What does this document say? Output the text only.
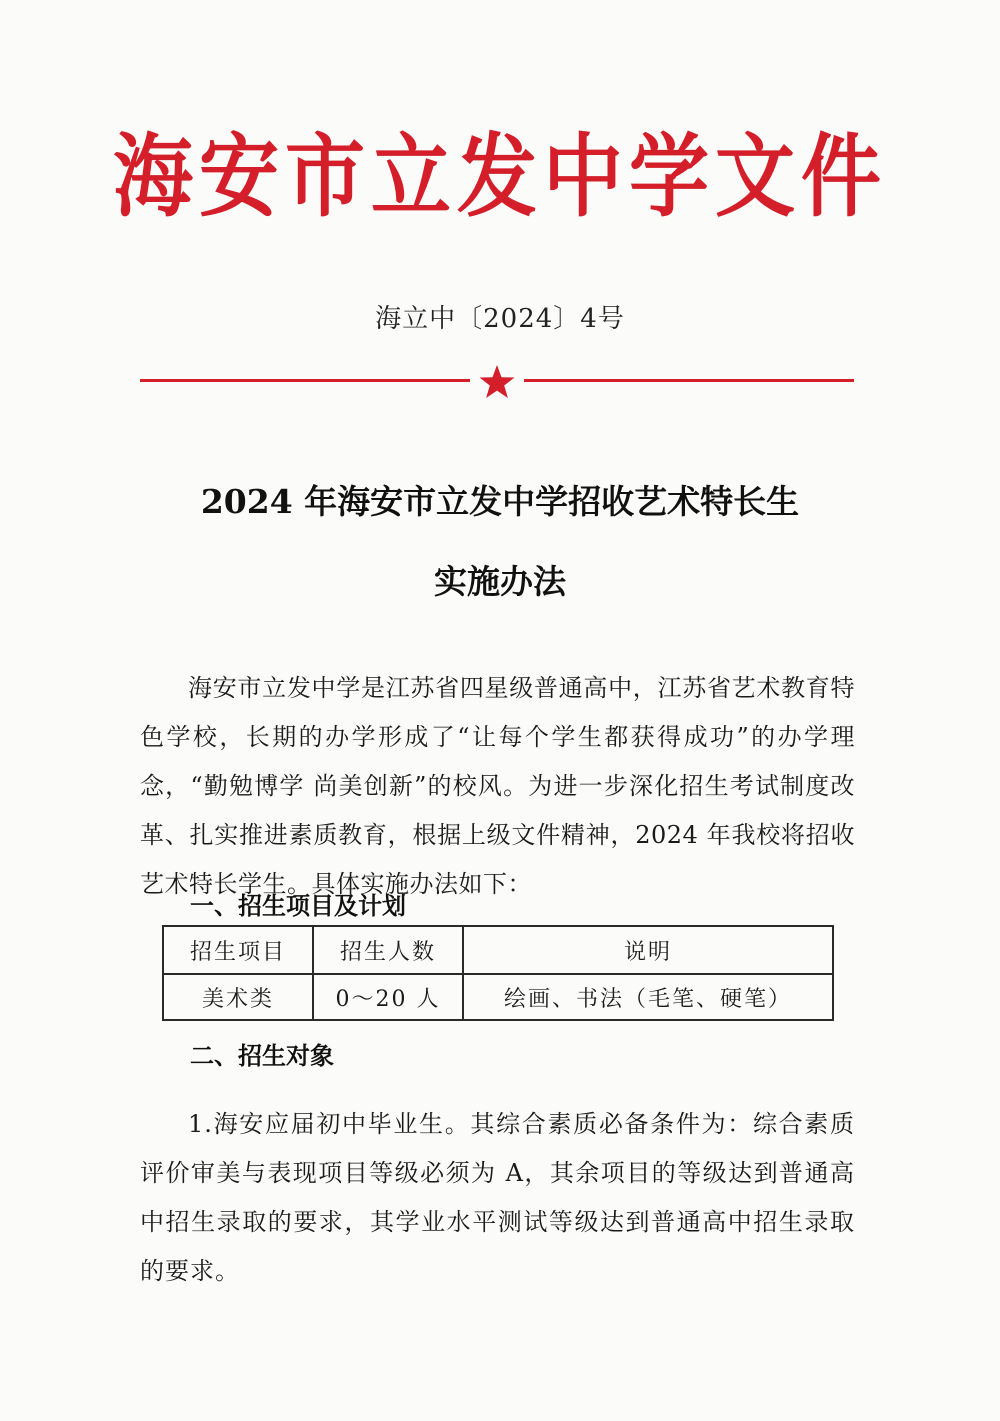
海安市立发中学文件
海立中〔2024〕4号
2024 年海安市立发中学招收艺术特长生
实施办法

海安市立发中学是江苏省四星级普通高中，江苏省艺术教育特色学校，长期的办学形成了“让每个学生都获得成功”的办学理念，“勤勉博学 尚美创新”的校风。为进一步深化招生考试制度改革、扎实推进素质教育，根据上级文件精神，2024 年我校将招收艺术特长学生。具体实施办法如下：

一、招生项目及计划
招生项目	招生人数	说明
美术类	0～20 人	绘画、书法（毛笔、硬笔）
二、招生对象

1.海安应届初中毕业生。其综合素质必备条件为：综合素质评价审美与表现项目等级必须为 A，其余项目的等级达到普通高中招生录取的要求，其学业水平测试等级达到普通高中招生录取的要求。
